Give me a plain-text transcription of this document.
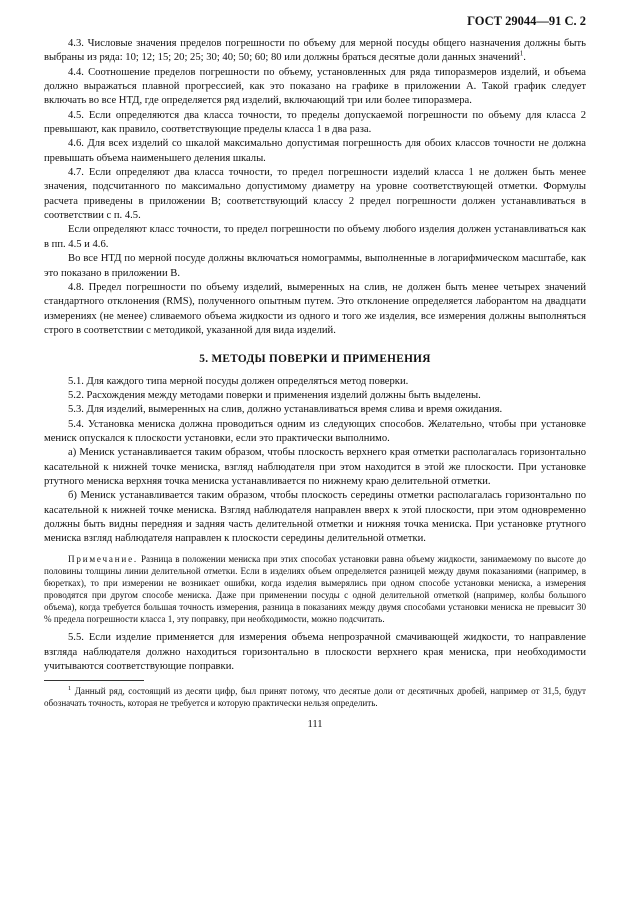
ГОСТ 29044—91 С. 2

4.3. Числовые значения пределов погрешности по объему для мерной посуды общего назначения должны быть выбраны из ряда: 10; 12; 15; 20; 25; 30; 40; 50; 60; 80 или должны браться десятые доли данных значений$^1$.

4.4. Соотношение пределов погрешности по объему, установленных для ряда типоразмеров изделий, и объема должно выражаться плавной прогрессией, как это показано на графике в приложении А. Такой график следует включать во все НТД, где определяется ряд изделий, включающий три или более типоразмера.

4.5. Если определяются два класса точности, то пределы допускаемой погрешности по объему для класса 2 превышают, как правило, соответствующие пределы класса 1 в два раза.

4.6. Для всех изделий со шкалой максимально допустимая погрешность для обоих классов точности не должна превышать объема наименьшего деления шкалы.

4.7. Если определяют два класса точности, то предел погрешности изделий класса 1 не должен быть менее значения, подсчитанного по максимально допустимому диаметру на уровне соответствующей отметки. Формулы расчета приведены в приложении В; соответствующий классу 2 предел погрешности должен устанавливаться в соответствии с п. 4.5.

Если определяют класс точности, то предел погрешности по объему любого изделия должен устанавливаться как в пп. 4.5 и 4.6.

Во все НТД по мерной посуде должны включаться номограммы, выполненные в логарифмическом масштабе, как это показано в приложении В.

4.8. Предел погрешности по объему изделий, вымеренных на слив, не должен быть менее четырех значений стандартного отклонения (RMS), полученного опытным путем. Это отклонение определяется лаборантом на двадцати измерениях (не менее) сливаемого объема жидкости из одного и того же изделия, все измерения должны выполняться строго в соответствии с методикой, указанной для вида изделий.

5. МЕТОДЫ ПОВЕРКИ И ПРИМЕНЕНИЯ

5.1. Для каждого типа мерной посуды должен определяться метод поверки.

5.2. Расхождения между методами поверки и применения изделий должны быть выделены.

5.3. Для изделий, вымеренных на слив, должно устанавливаться время слива и время ожидания.

5.4. Установка мениска должна проводиться одним из следующих способов. Желательно, чтобы при установке мениск опускался к плоскости установки, если это практически выполнимо.

а) Мениск устанавливается таким образом, чтобы плоскость верхнего края отметки располагалась горизонтально касательной к нижней точке мениска, взгляд наблюдателя при этом находится в этой же плоскости. При установке ртутного мениска верхняя точка мениска устанавливается по нижнему краю делительной отметки.

б) Мениск устанавливается таким образом, чтобы плоскость середины отметки располагалась горизонтально по касательной к нижней точке мениска. Взгляд наблюдателя направлен вверх к этой плоскости, при этом одновременно должны быть видны передняя и задняя часть делительной отметки и нижняя точка мениска. При установке ртутного мениска взгляд наблюдателя направлен к плоскости середины делительной отметки.

Примечание. Разница в положении мениска при этих способах установки равна объему жидкости, занимаемому по высоте до половины толщины линии делительной отметки. Если в изделиях объем определяется разницей между двумя показаниями (например, в бюретках), то при измерении не возникает ошибки, когда изделия вымерялись при одном способе установки мениска, а измерения проводятся при другом способе мениска. Даже при применении посуды с одной делительной отметкой (например, колбы большого объема), когда требуется большая точность измерения, разница в показаниях между двумя способами установки мениска не превысит 30 % предела погрешности класса 1, эту поправку, при необходимости, можно подсчитать.

5.5. Если изделие применяется для измерения объема непрозрачной смачивающей жидкости, то направление взгляда наблюдателя должно находиться горизонтально в плоскости верхнего края мениска, при необходимости учитываются соответствующие поправки.

$^1$ Данный ряд, состоящий из десяти цифр, был принят потому, что десятые доли от десятичных дробей, например от 31,5, будут обозначать точность, которая не требуется и которую практически нельзя определить.

111
